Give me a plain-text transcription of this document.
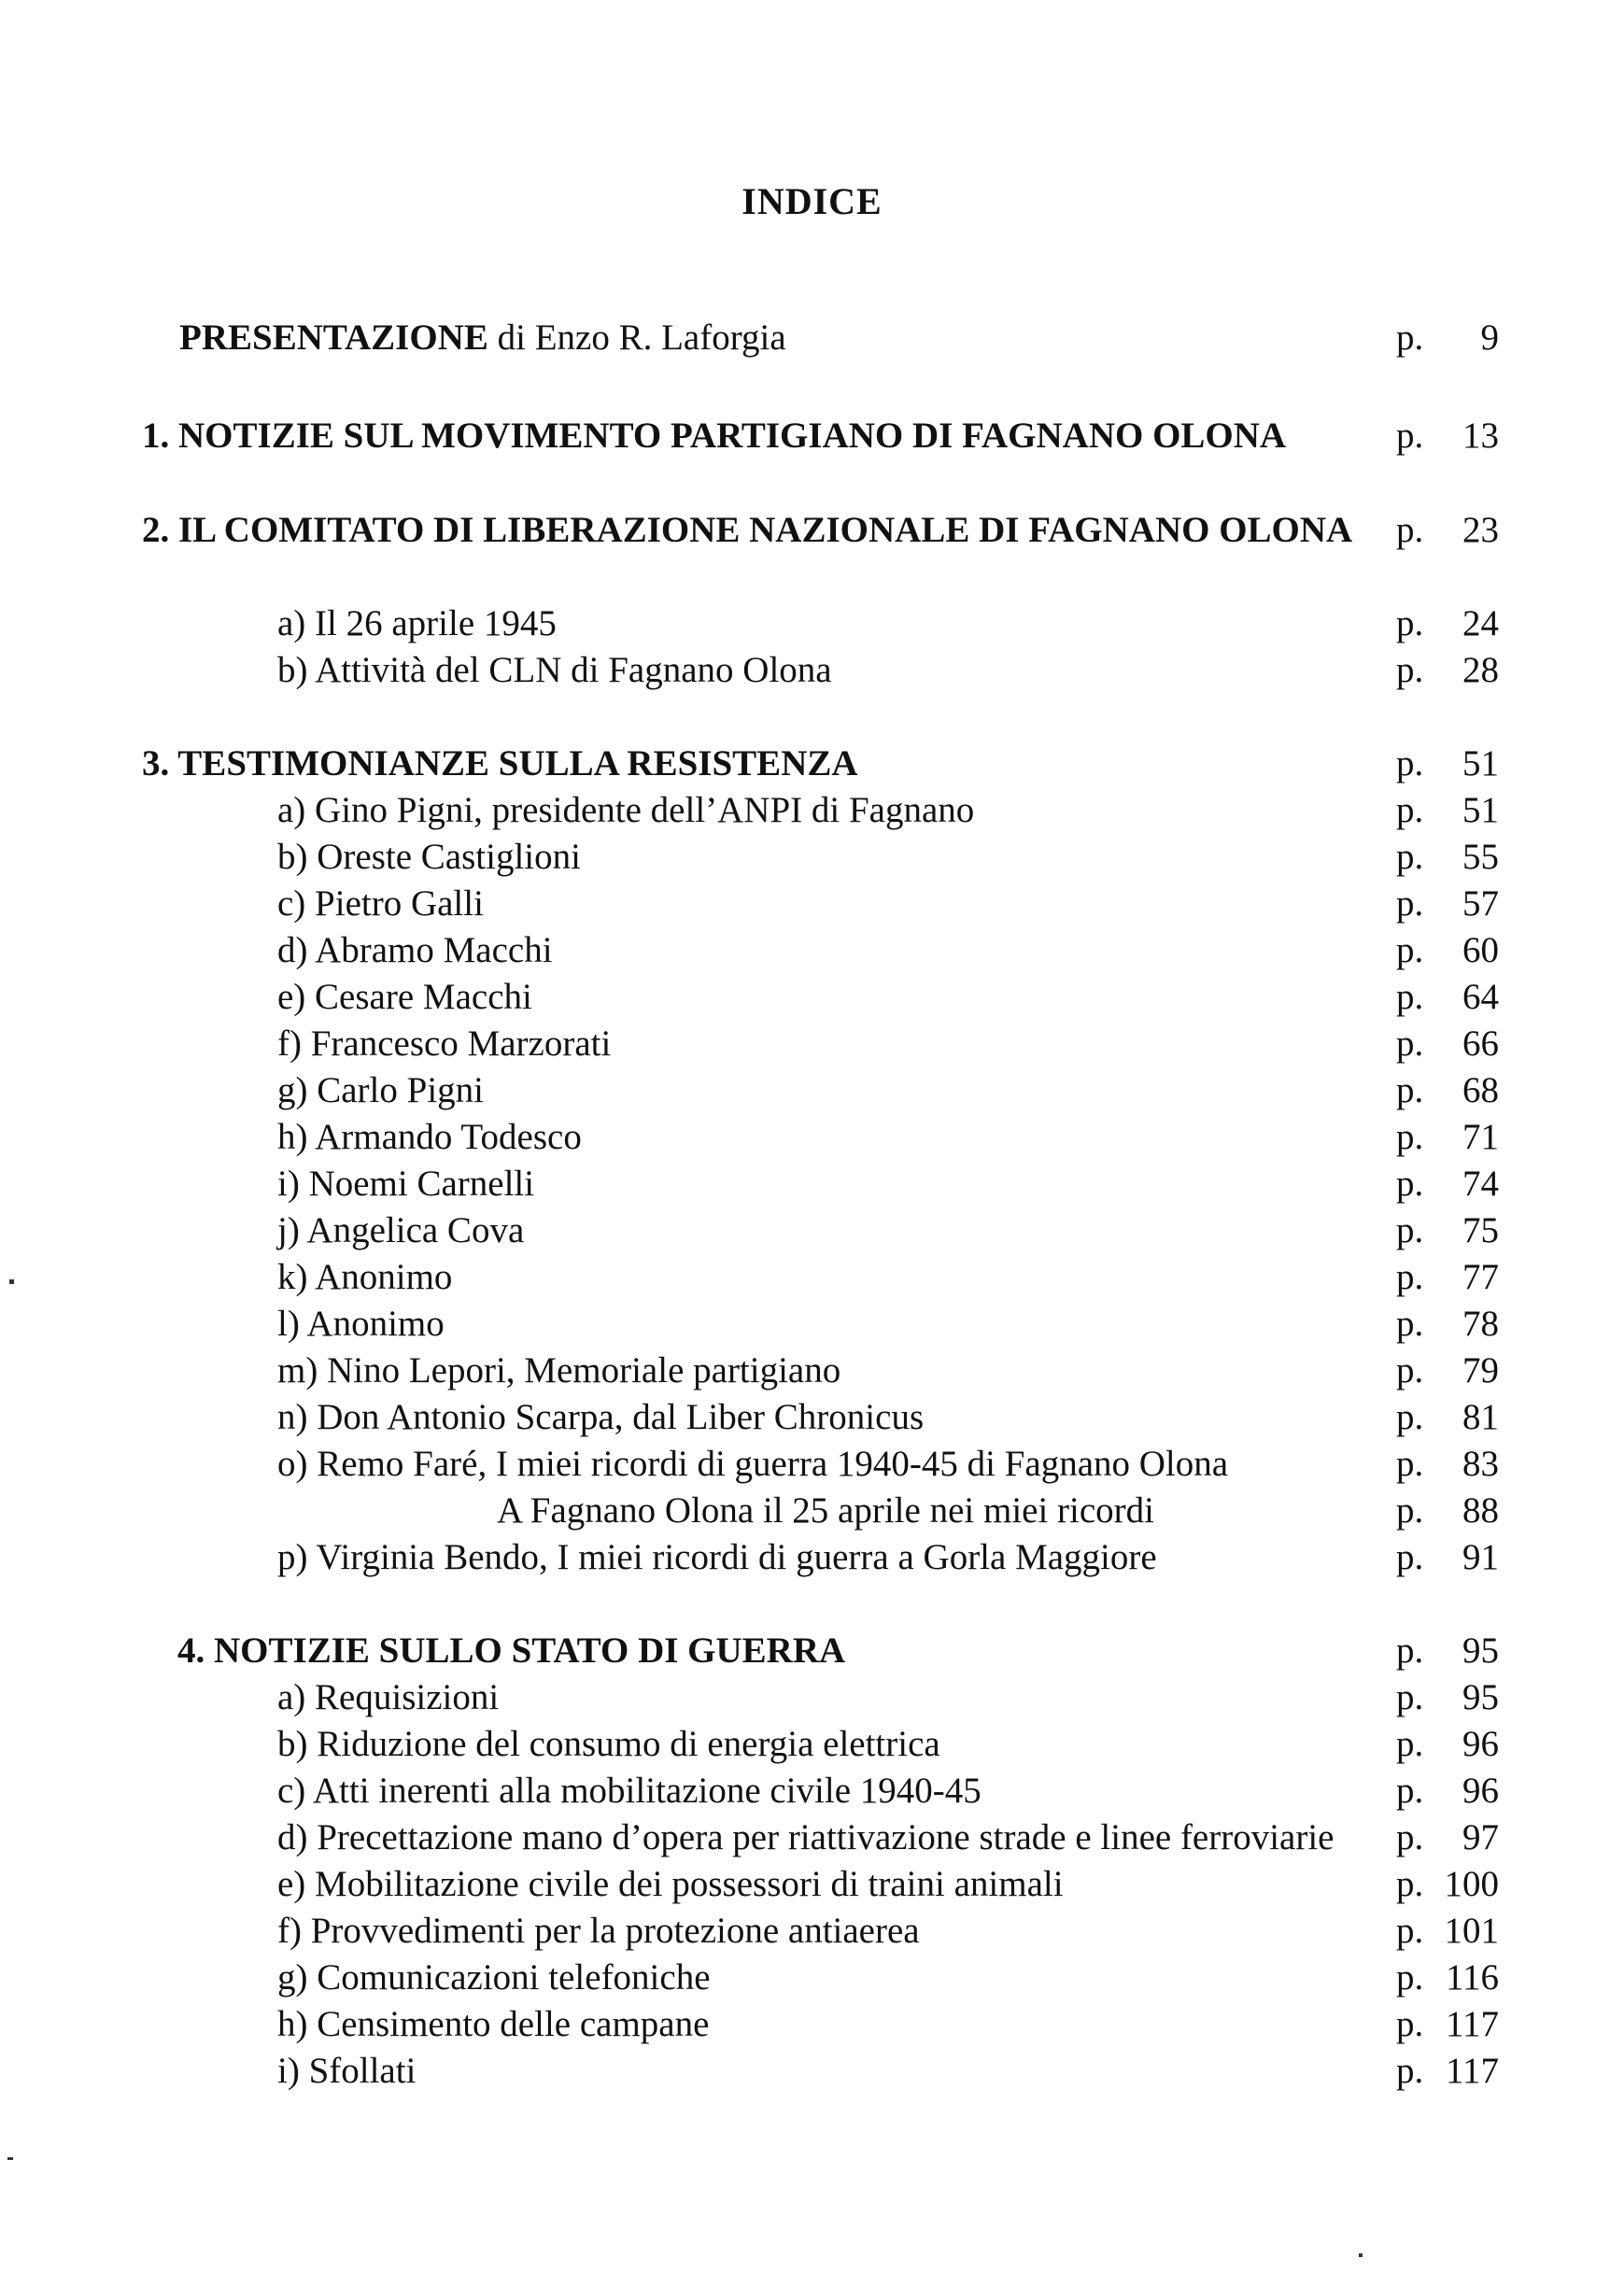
INDICE
PRESENTAZIONE di Enzo R. Laforgia	p. 9
1. NOTIZIE SUL MOVIMENTO PARTIGIANO DI FAGNANO OLONA	p. 13
2. IL COMITATO DI LIBERAZIONE NAZIONALE DI FAGNANO OLONA p. 23
a) Il 26 aprile 1945	p. 24
b) Attività del CLN di Fagnano Olona	p. 28
3. TESTIMONIANZE SULLA RESISTENZA	p. 51
a) Gino Pigni, presidente dell’ANPI di Fagnano	p. 51
b) Oreste Castiglioni	p. 55
c) Pietro Galli	p. 57
d) Abramo Macchi	p. 60
e) Cesare Macchi	p. 64
f) Francesco Marzorati	p. 66
g) Carlo Pigni	p. 68
h) Armando Todesco	p. 71
i) Noemi Carnelli	p. 74
j) Angelica Cova	p. 75
k) Anonimo	p. 77
l) Anonimo	p. 78
m) Nino Lepori, Memoriale partigiano	p. 79
n) Don Antonio Scarpa, dal Liber Chronicus	p. 81
o) Remo Faré, I miei ricordi di guerra 1940-45 di Fagnano Olona	p. 83
A Fagnano Olona il 25 aprile nei miei ricordi	p. 88
p) Virginia Bendo, I miei ricordi di guerra a Gorla Maggiore	p. 91
4. NOTIZIE SULLO STATO DI GUERRA	p. 95
a) Requisizioni	p. 95
b) Riduzione del consumo di energia elettrica	p. 96
c) Atti inerenti alla mobilitazione civile 1940-45	p. 96
d) Precettazione mano d’opera per riattivazione strade e linee ferroviarie p. 97
e) Mobilitazione civile dei possessori di traini animali	p. 100
f) Provvedimenti per la protezione antiaerea	p. 101
g) Comunicazioni telefoniche	p. 116
h) Censimento delle campane	p. 117
i) Sfollati	p. 117
